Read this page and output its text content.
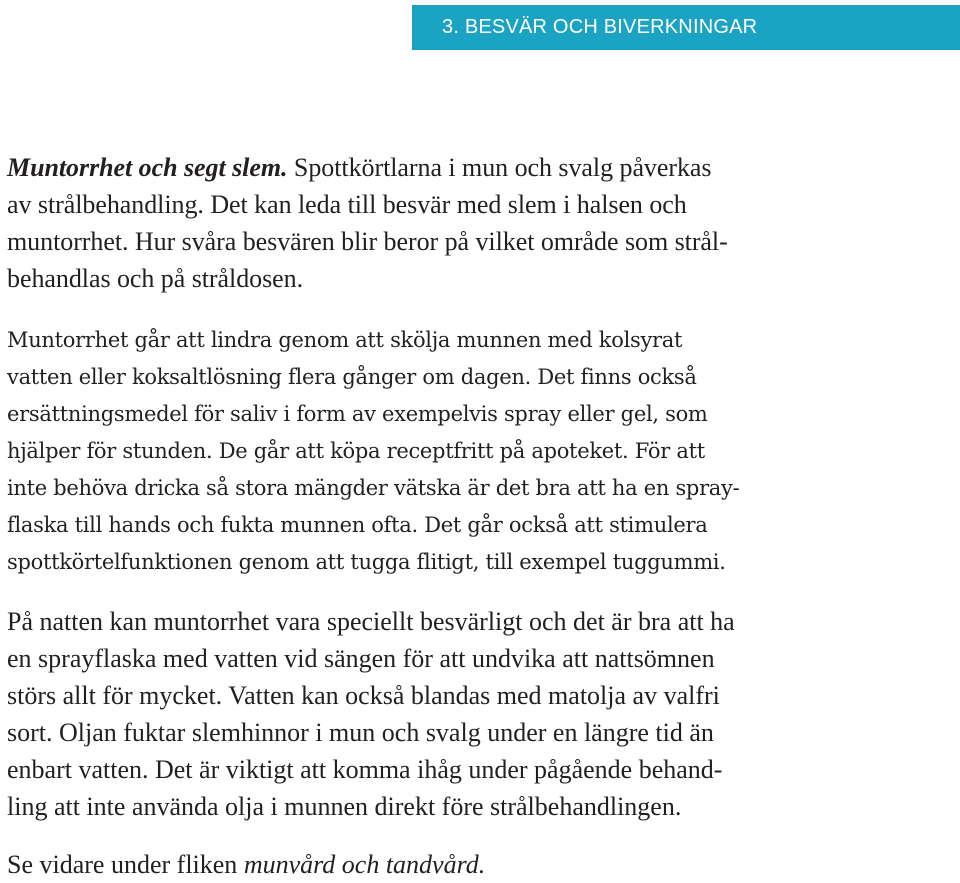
3. BESVÄR OCH BIVERKNINGAR

Muntorrhet och segt slem. Spottkörtlarna i mun och svalg påverkas
av strålbehandling. Det kan leda till besvär med slem i halsen och
muntorrhet. Hur svåra besvären blir beror på vilket område som strål-
behandlas och på stråldosen.

Muntorrhet går att lindra genom att skölja munnen med kolsyrat
vatten eller koksaltlösning flera gånger om dagen. Det finns också
ersättningsmedel för saliv i form av exempelvis spray eller gel, som
hjälper för stunden. De går att köpa receptfritt på apoteket. För att
inte behöva dricka så stora mängder vätska är det bra att ha en spray-
flaska till hands och fukta munnen ofta. Det går också att stimulera
spottkörtelfunktionen genom att tugga flitigt, till exempel tuggummi.

På natten kan muntorrhet vara speciellt besvärligt och det är bra att ha
en sprayflaska med vatten vid sängen för att undvika att nattsömnen
störs allt för mycket. Vatten kan också blandas med matolja av valfri
sort. Oljan fuktar slemhinnor i mun och svalg under en längre tid än
enbart vatten. Det är viktigt att komma ihåg under pågående behand-
ling att inte använda olja i munnen direkt före strålbehandlingen.

Se vidare under fliken munvård och tandvård.
